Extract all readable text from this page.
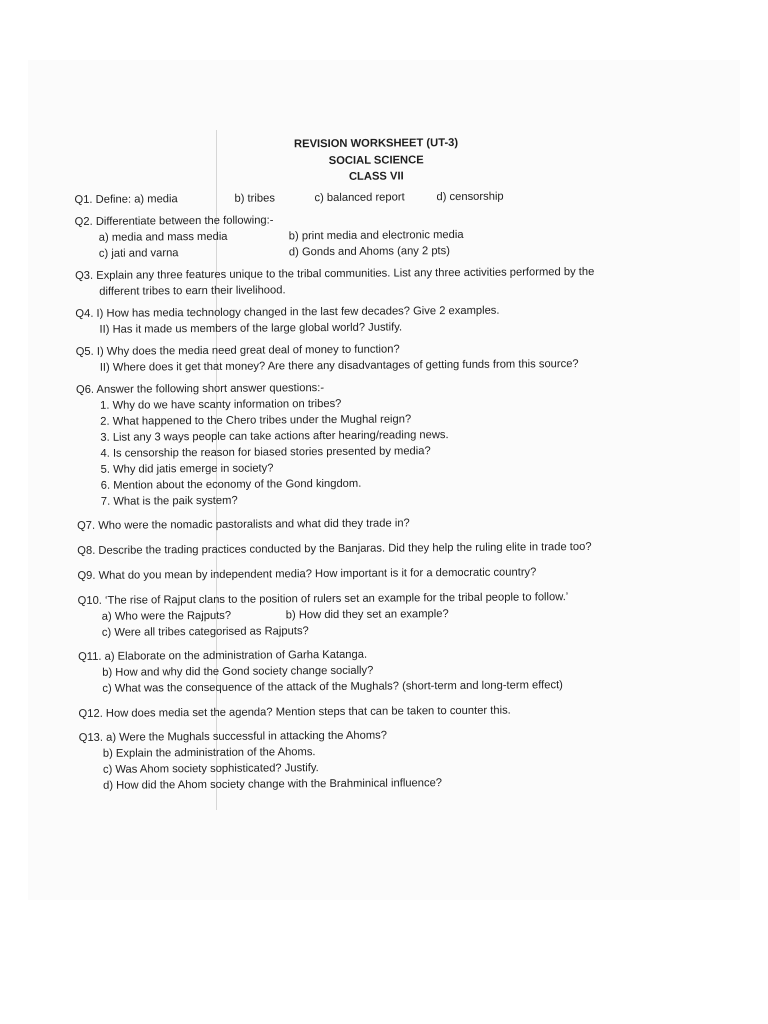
REVISION WORKSHEET (UT-3)
SOCIAL SCIENCE
CLASS VII
Q1. Define: a) media	b) tribes	c) balanced report	d) censorship
Q2. Differentiate between the following:-
a) media and mass media	b) print media and electronic media
c) jati and varna	d) Gonds and Ahoms (any 2 pts)
Q3. Explain any three features unique to the tribal communities. List any three activities performed by the
different tribes to earn their livelihood.
Q4. I) How has media technology changed in the last few decades? Give 2 examples.
II) Has it made us members of the large global world? Justify.
Q5. I) Why does the media need great deal of money to function?
II) Where does it get that money? Are there any disadvantages of getting funds from this source?
Q6. Answer the following short answer questions:-
1. Why do we have scanty information on tribes?
2. What happened to the Chero tribes under the Mughal reign?
3. List any 3 ways people can take actions after hearing/reading news.
4. Is censorship the reason for biased stories presented by media?
5. Why did jatis emerge in society?
6. Mention about the economy of the Gond kingdom.
7. What is the paik system?
Q7. Who were the nomadic pastoralists and what did they trade in?
Q8. Describe the trading practices conducted by the Banjaras. Did they help the ruling elite in trade too?
Q9. What do you mean by independent media? How important is it for a democratic country?
Q10. ‘The rise of Rajput clans to the position of rulers set an example for the tribal people to follow.’
a) Who were the Rajputs?	b) How did they set an example?
c) Were all tribes categorised as Rajputs?
Q11. a) Elaborate on the administration of Garha Katanga.
b) How and why did the Gond society change socially?
c) What was the consequence of the attack of the Mughals? (short-term and long-term effect)
Q12. How does media set the agenda? Mention steps that can be taken to counter this.
Q13. a) Were the Mughals successful in attacking the Ahoms?
b) Explain the administration of the Ahoms.
c) Was Ahom society sophisticated? Justify.
d) How did the Ahom society change with the Brahminical influence?
